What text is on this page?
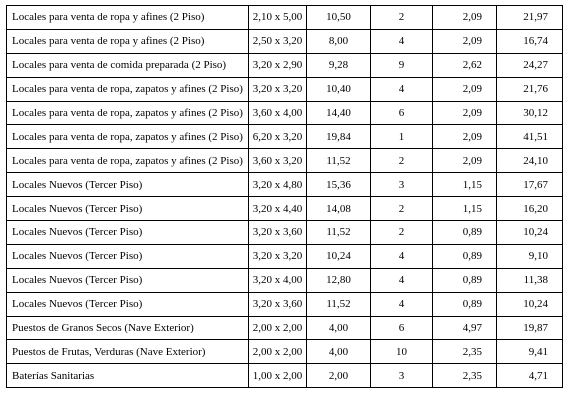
Locales para venta de ropa y afines (2 Piso)	2,10 x 5,00	10,50	2	2,09	21,97
Locales para venta de ropa y afines (2 Piso)	2,50 x 3,20	8,00	4	2,09	16,74
Locales para venta de comida preparada (2 Piso)	3,20 x 2,90	9,28	9	2,62	24,27
Locales para venta de ropa, zapatos y afines (2 Piso)	3,20 x 3,20	10,40	4	2,09	21,76
Locales para venta de ropa, zapatos y afines (2 Piso)	3,60 x 4,00	14,40	6	2,09	30,12
Locales para venta de ropa, zapatos y afines (2 Piso)	6,20 x 3,20	19,84	1	2,09	41,51
Locales para venta de ropa, zapatos y afines (2 Piso)	3,60 x 3,20	11,52	2	2,09	24,10
Locales Nuevos (Tercer Piso)	3,20 x 4,80	15,36	3	1,15	17,67
Locales Nuevos (Tercer Piso)	3,20 x 4,40	14,08	2	1,15	16,20
Locales Nuevos (Tercer Piso)	3,20 x 3,60	11,52	2	0,89	10,24
Locales Nuevos (Tercer Piso)	3,20 x 3,20	10,24	4	0,89	9,10
Locales Nuevos (Tercer Piso)	3,20 x 4,00	12,80	4	0,89	11,38
Locales Nuevos (Tercer Piso)	3,20 x 3,60	11,52	4	0,89	10,24
Puestos de Granos Secos (Nave Exterior)	2,00 x 2,00	4,00	6	4,97	19,87
Puestos de Frutas, Verduras (Nave Exterior)	2,00 x 2,00	4,00	10	2,35	9,41
Baterías Sanitarias	1,00 x 2,00	2,00	3	2,35	4,71
